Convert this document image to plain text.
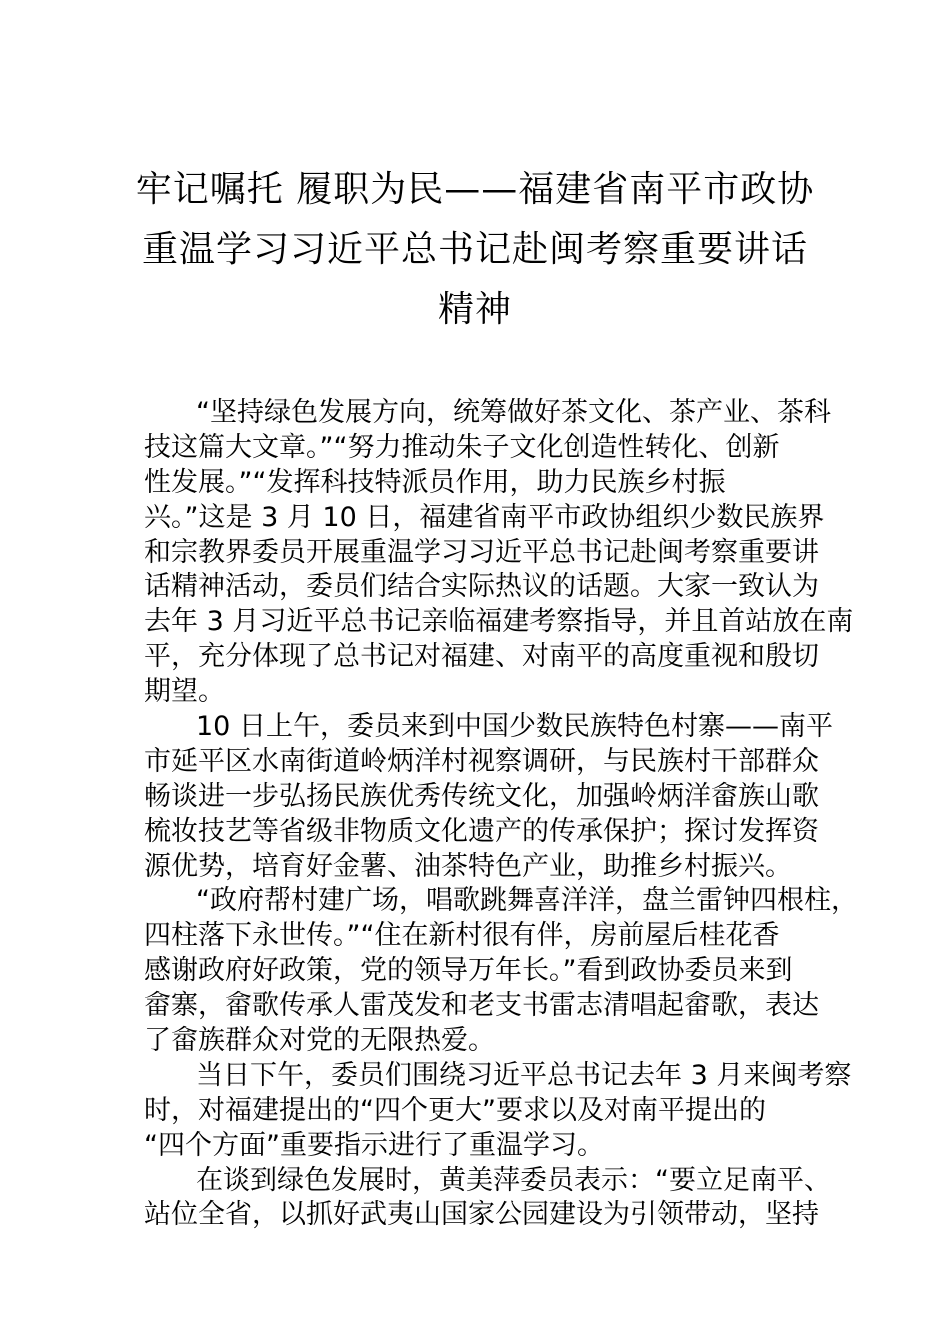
牢记嘱托 履职为民——福建省南平市政协
重温学习习近平总书记赴闽考察重要讲话
精神
“坚持绿色发展方向，统筹做好茶文化、茶产业、茶科
技这篇大文章。”“努力推动朱子文化创造性转化、创新
性发展。”“发挥科技特派员作用，助力民族乡村振
兴。”这是 3 月 10 日，福建省南平市政协组织少数民族界
和宗教界委员开展重温学习习近平总书记赴闽考察重要讲
话精神活动，委员们结合实际热议的话题。大家一致认为
去年 3 月习近平总书记亲临福建考察指导，并且首站放在南
平，充分体现了总书记对福建、对南平的高度重视和殷切
期望。
10 日上午，委员来到中国少数民族特色村寨——南平
市延平区水南街道岭炳洋村视察调研，与民族村干部群众
畅谈进一步弘扬民族优秀传统文化，加强岭炳洋畲族山歌
梳妆技艺等省级非物质文化遗产的传承保护；探讨发挥资
源优势，培育好金薯、油茶特色产业，助推乡村振兴。
“政府帮村建广场，唱歌跳舞喜洋洋，盘兰雷钟四根柱，
四柱落下永世传。”“住在新村很有伴，房前屋后桂花香
感谢政府好政策，党的领导万年长。”看到政协委员来到
畲寨，畲歌传承人雷茂发和老支书雷志清唱起畲歌，表达
了畲族群众对党的无限热爱。
当日下午，委员们围绕习近平总书记去年 3 月来闽考察
时，对福建提出的“四个更大”要求以及对南平提出的
“四个方面”重要指示进行了重温学习。
在谈到绿色发展时，黄美萍委员表示：“要立足南平、
站位全省，以抓好武夷山国家公园建设为引领带动，坚持
